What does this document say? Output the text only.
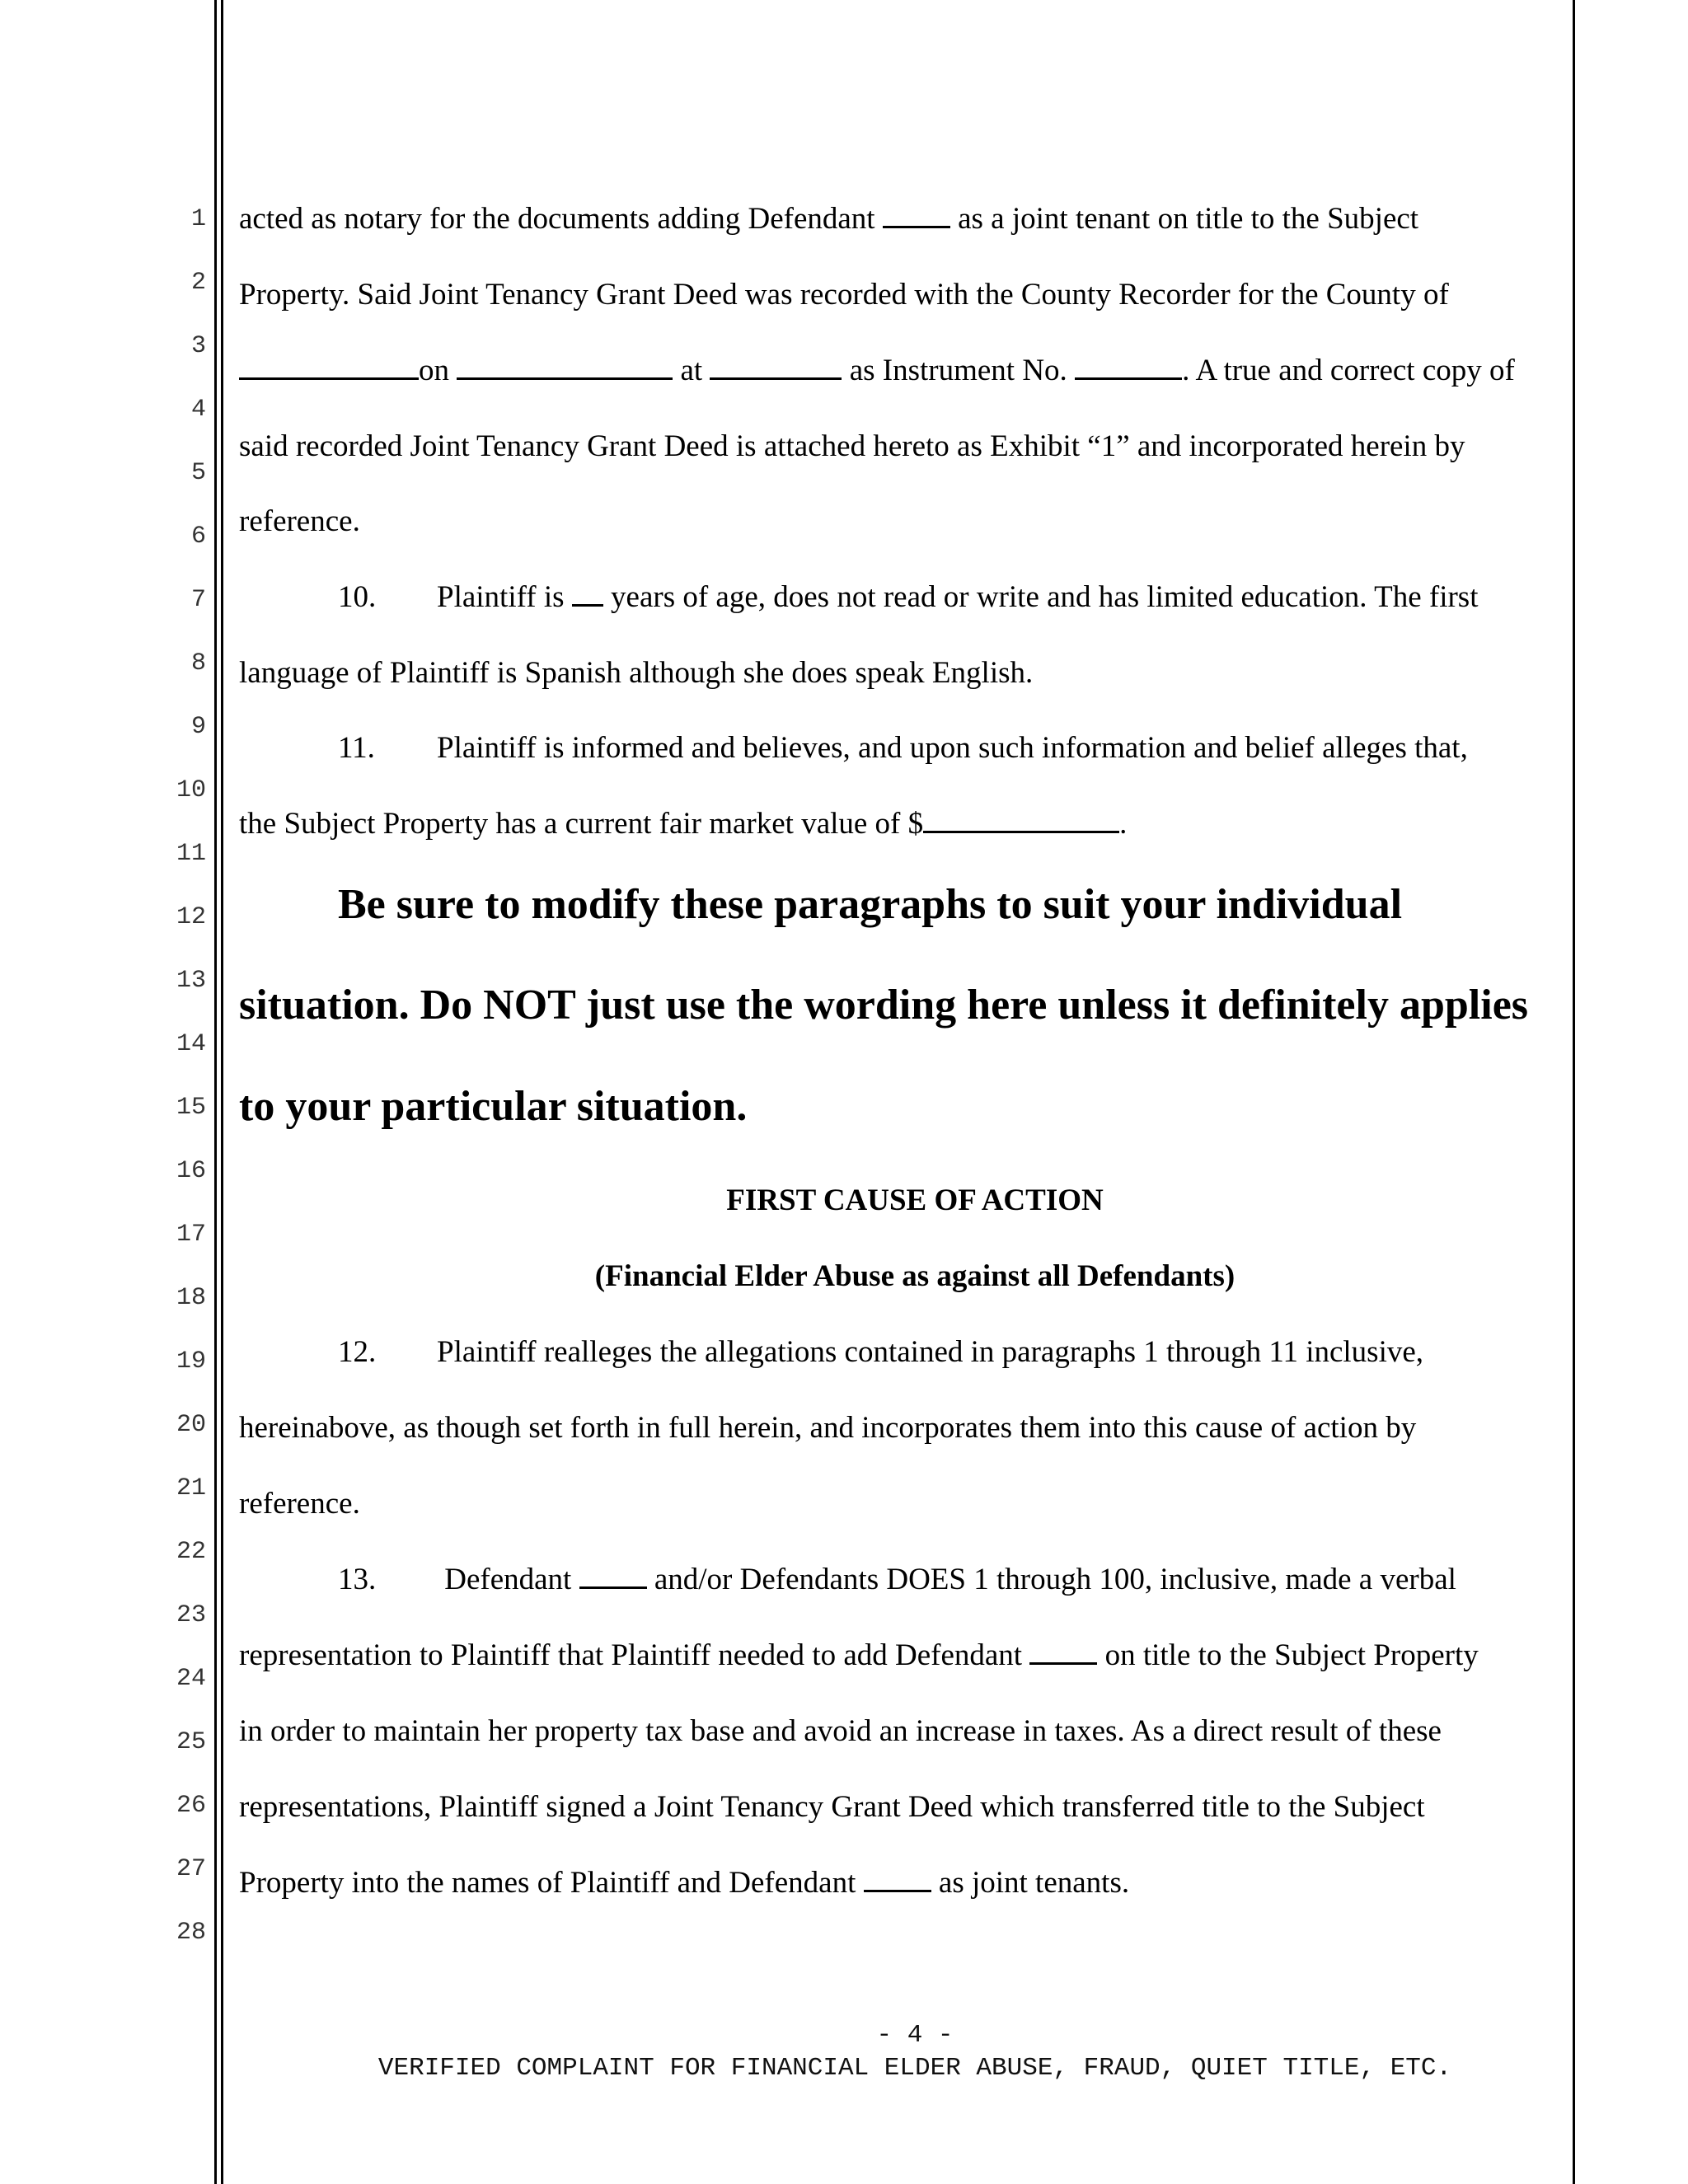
1
2
3
4
5
6
7
8
9
10
11
12
13
14
15
16
17
18
19
20
21
22
23
24
25
26
27
28
acted as notary for the documents adding Defendant	as a joint tenant on title to the Subject
Property. Said Joint Tenancy Grant Deed was recorded with the County Recorder for the County of
on	at	as Instrument No.	. A true and correct copy of
said recorded Joint Tenancy Grant Deed is attached hereto as Exhibit “1” and incorporated herein by
reference.
10. Plaintiff is years of age, does not read or write and has limited education. The first
language of Plaintiff is Spanish although she does speak English.
11. Plaintiff is informed and believes, and upon such information and belief alleges that,
the Subject Property has a current fair market value of $	.
Be sure to modify these paragraphs to suit your individual
situation. Do NOT just use the wording here unless it definitely applies
to your particular situation.
FIRST CAUSE OF ACTION
(Financial Elder Abuse as against all Defendants)
12. Plaintiff realleges the allegations contained in paragraphs 1 through 11 inclusive,
hereinabove, as though set forth in full herein, and incorporates them into this cause of action by
reference.
13. Defendant	and/or Defendants DOES 1 through 100, inclusive, made a verbal
representation to Plaintiff that Plaintiff needed to add Defendant	on title to the Subject Property
in order to maintain her property tax base and avoid an increase in taxes. As a direct result of these
representations, Plaintiff signed a Joint Tenancy Grant Deed which transferred title to the Subject
Property into the names of Plaintiff and Defendant	as joint tenants.
- 4 -
VERIFIED COMPLAINT FOR FINANCIAL ELDER ABUSE, FRAUD, QUIET TITLE, ETC.
